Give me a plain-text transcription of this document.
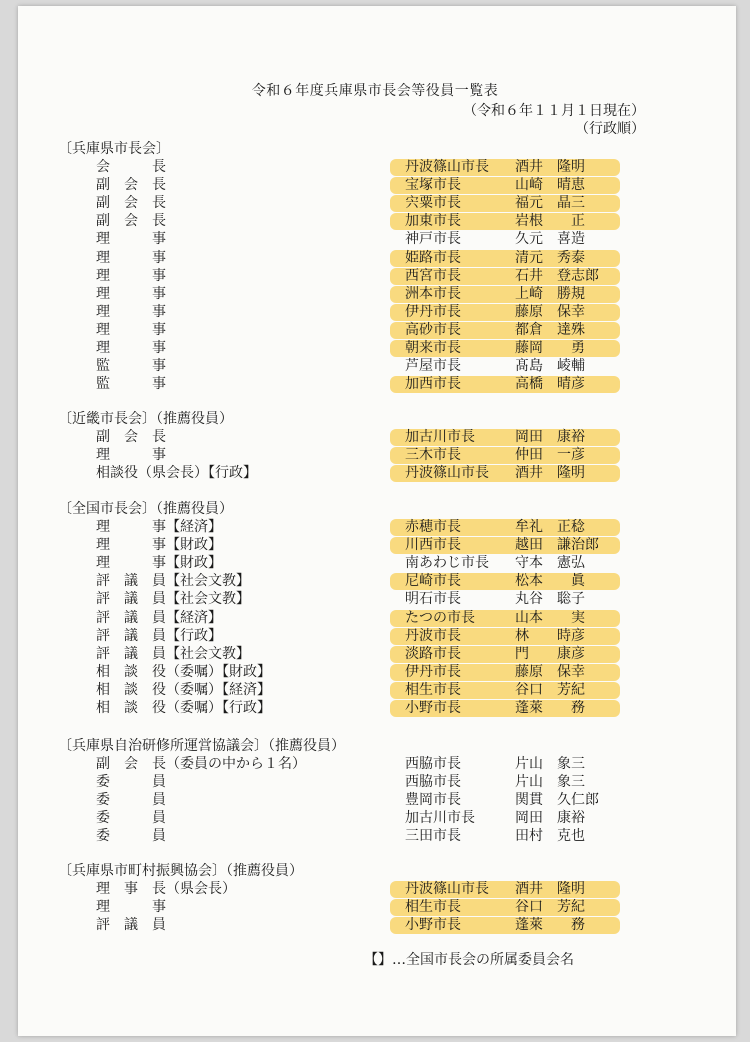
令和６年度兵庫県市長会等役員一覧表
（令和６年１１月１日現在）
（行政順）
〔兵庫県市長会〕
会　　　長	丹波篠山市長 酒井　隆明
副　会　長	宝塚市長	山崎　晴恵
副　会　長	宍粟市長	福元　晶三
副　会　長	加東市長	岩根　　正
理　　　事	神戸市長	久元　喜造
理　　　事	姫路市長	清元　秀泰
理　　　事	西宮市長	石井　登志郎
理　　　事	洲本市長	上崎　勝規
理　　　事	伊丹市長	藤原　保幸
理　　　事	高砂市長	都倉　達殊
理　　　事	朝来市長	藤岡　　勇
監　　　事	芦屋市長	髙島　崚輔
監　　　事	加西市長	高橋　晴彦
〔近畿市長会〕（推薦役員）
副　会　長	加古川市長	岡田　康裕
理　　　事	三木市長	仲田　一彦
相談役（県会長）【行政】	丹波篠山市長 酒井　隆明
〔全国市長会〕（推薦役員）
理　　　事【経済】	赤穂市長	牟礼　正稔
理　　　事【財政】	川西市長	越田　謙治郎
理　　　事【財政】	南あわじ市長 守本　憲弘
評　議　員【社会文教】	尼崎市長	松本　　眞
評　議　員【社会文教】	明石市長	丸谷　聡子
評　議　員【経済】	たつの市長	山本　　実
評　議　員【行政】	丹波市長	林　　時彦
評　議　員【社会文教】	淡路市長	門　　康彦
相　談　役（委嘱）【財政】	伊丹市長	藤原　保幸
相　談　役（委嘱）【経済】	相生市長	谷口　芳紀
相　談　役（委嘱）【行政】	小野市長	蓬萊　　務
〔兵庫県自治研修所運営協議会〕（推薦役員）
副　会　長（委員の中から１名）	西脇市長	片山　象三
委　　　員	西脇市長	片山　象三
委　　　員	豊岡市長	関貫　久仁郎
委　　　員	加古川市長	岡田　康裕
委　　　員	三田市長	田村　克也
〔兵庫県市町村振興協会〕（推薦役員）
理　事　長（県会長）	丹波篠山市長 酒井　隆明
理　　　事	相生市長	谷口　芳紀
評　議　員	小野市長	蓬萊　　務
【】…全国市長会の所属委員会名
